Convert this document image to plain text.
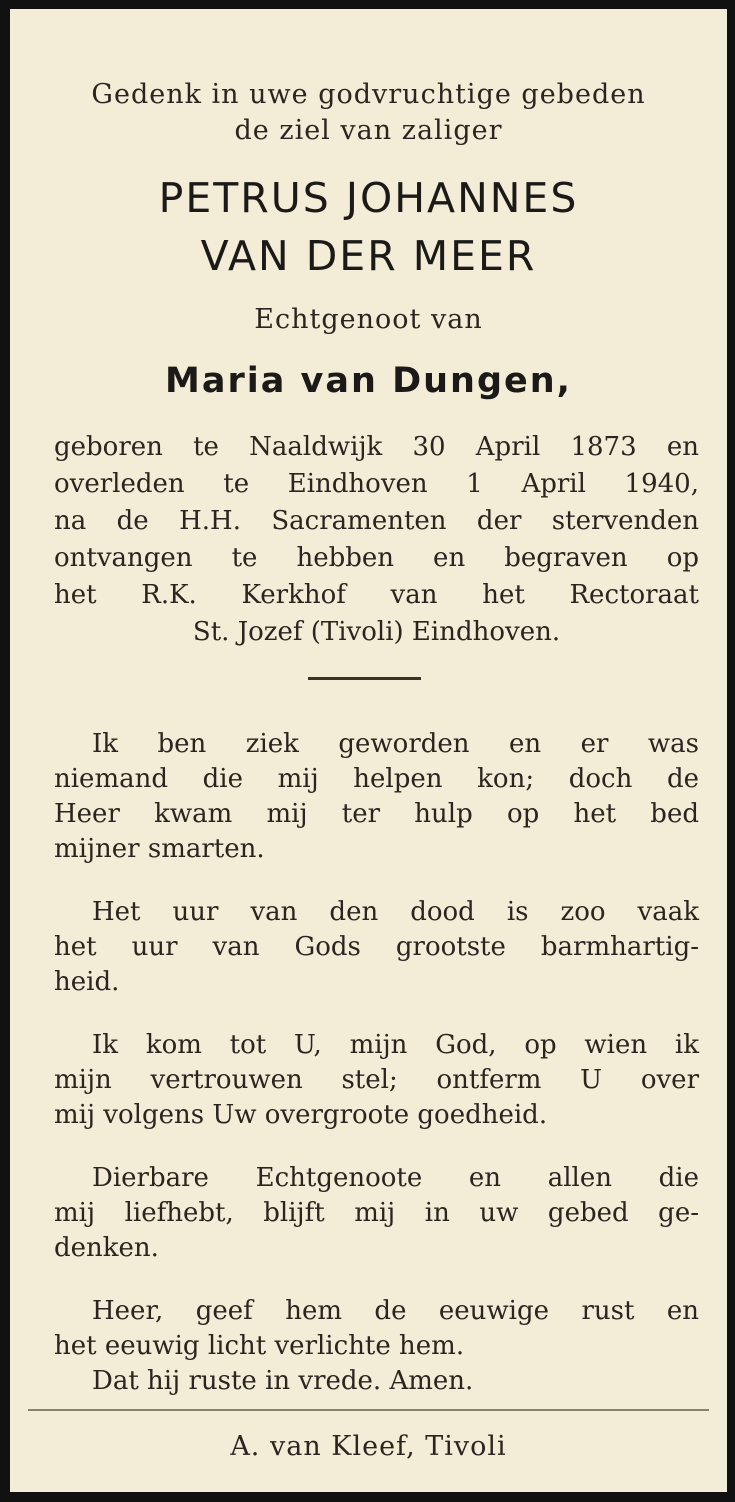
Gedenk in uwe godvruchtige gebeden
de ziel van zaliger
PETRUS JOHANNES
VAN DER MEER
Echtgenoot van
Maria van Dungen,
geboren te Naaldwijk 30 April 1873 en
overleden te Eindhoven 1 April 1940,
na de H.H. Sacramenten der stervenden
ontvangen te hebben en begraven op
het R.K. Kerkhof van het Rectoraat
St. Jozef (Tivoli) Eindhoven.
Ik ben ziek geworden en er was
niemand die mij helpen kon; doch de
Heer kwam mij ter hulp op het bed
mijner smarten.
Het uur van den dood is zoo vaak
het uur van Gods grootste barmhartig-
heid.
Ik kom tot U, mijn God, op wien ik
mijn vertrouwen stel; ontferm U over
mij volgens Uw overgroote goedheid.
Dierbare Echtgenoote en allen die
mij liefhebt, blijft mij in uw gebed ge-
denken.
Heer, geef hem de eeuwige rust en
het eeuwig licht verlichte hem.
Dat hij ruste in vrede. Amen.
A. van Kleef, Tivoli
